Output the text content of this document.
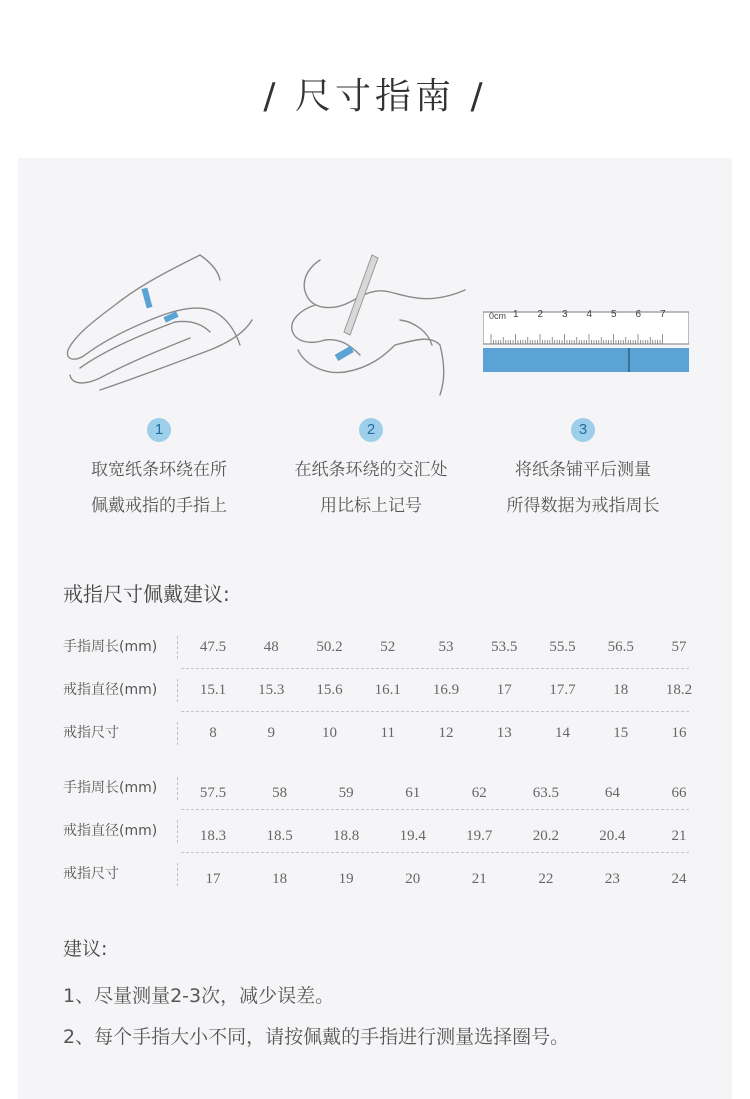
/ 尺寸指南 /
0cm 1 2 3 4 5 6 7
1	2	3
取宽纸条环绕在所
佩戴戒指的手指上
在纸条环绕的交汇处
用比标上记号
将纸条铺平后测量
所得数据为戒指周长
戒指尺寸佩戴建议:
手指周长(mm)	47.5	48	50.2	52	53	53.5	55.5	56.5	57
戒指直径(mm)	15.1	15.3	15.6	16.1	16.9	17	17.7	18	18.2
戒指尺寸	8	9	10	11	12	13	14	15	16
手指周长(mm)	57.5	58	59	61	62	63.5	64	66
戒指直径(mm)	18.3	18.5	18.8	19.4	19.7	20.2	20.4	21
戒指尺寸	17	18	19	20	21	22	23	24
建议:
1、尽量测量2-3次，减少误差。
2、每个手指大小不同，请按佩戴的手指进行测量选择圈号。
